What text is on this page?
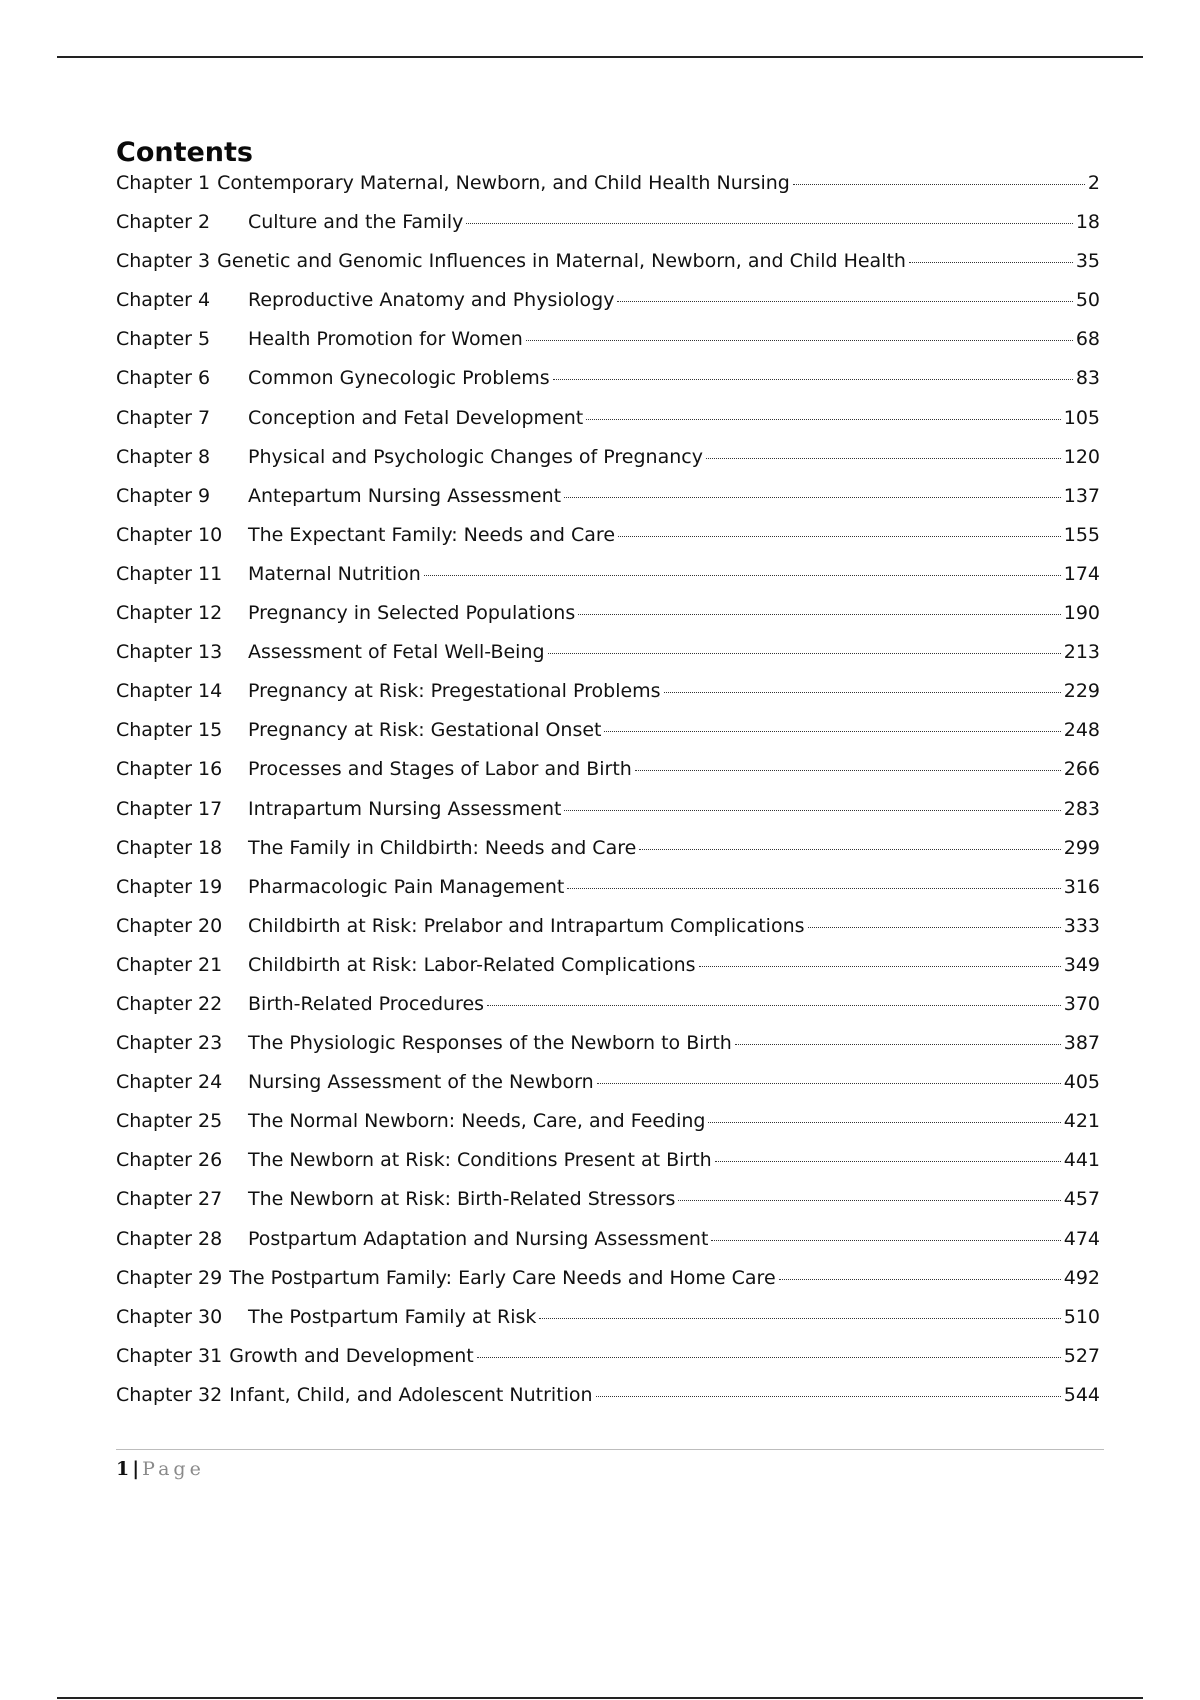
Contents
Chapter 1 Contemporary Maternal, Newborn, and Child Health Nursing	2
Chapter 2	Culture and the Family	18
Chapter 3 Genetic and Genomic Influences in Maternal, Newborn, and Child Health	35
Chapter 4	Reproductive Anatomy and Physiology	50
Chapter 5	Health Promotion for Women	68
Chapter 6	Common Gynecologic Problems	83
Chapter 7	Conception and Fetal Development	105
Chapter 8	Physical and Psychologic Changes of Pregnancy	120
Chapter 9	Antepartum Nursing Assessment	137
Chapter 10	The Expectant Family: Needs and Care	155
Chapter 11	Maternal Nutrition	174
Chapter 12	Pregnancy in Selected Populations	190
Chapter 13	Assessment of Fetal Well-Being	213
Chapter 14	Pregnancy at Risk: Pregestational Problems	229
Chapter 15	Pregnancy at Risk: Gestational Onset	248
Chapter 16	Processes and Stages of Labor and Birth	266
Chapter 17	Intrapartum Nursing Assessment	283
Chapter 18	The Family in Childbirth: Needs and Care	299
Chapter 19	Pharmacologic Pain Management	316
Chapter 20	Childbirth at Risk: Prelabor and Intrapartum Complications	333
Chapter 21	Childbirth at Risk: Labor-Related Complications	349
Chapter 22	Birth-Related Procedures	370
Chapter 23	The Physiologic Responses of the Newborn to Birth	387
Chapter 24	Nursing Assessment of the Newborn	405
Chapter 25	The Normal Newborn: Needs, Care, and Feeding	421
Chapter 26	The Newborn at Risk: Conditions Present at Birth	441
Chapter 27	The Newborn at Risk: Birth-Related Stressors	457
Chapter 28	Postpartum Adaptation and Nursing Assessment	474
Chapter 29 The Postpartum Family: Early Care Needs and Home Care	492
Chapter 30	The Postpartum Family at Risk	510
Chapter 31 Growth and Development	527
Chapter 32 Infant, Child, and Adolescent Nutrition	544
1 | Page
